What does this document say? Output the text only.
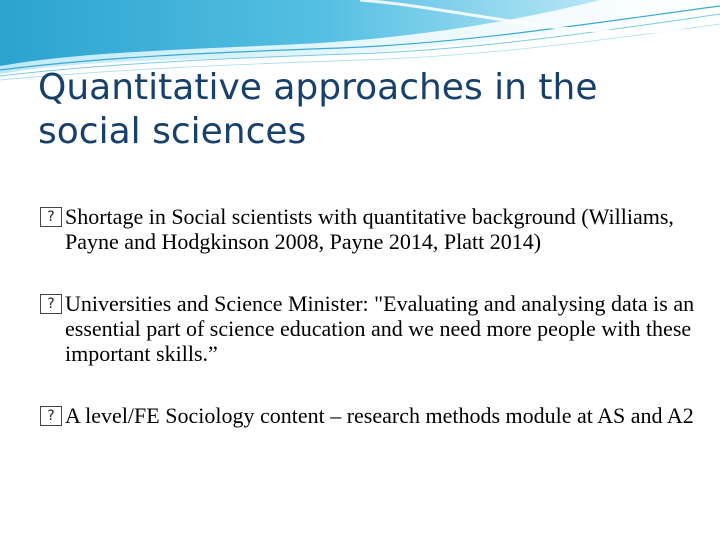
Quantitative approaches in the social sciences
? Shortage in Social scientists with quantitative background (Williams, Payne and Hodgkinson 2008, Payne 2014, Platt 2014)
? Universities and Science Minister: "Evaluating and analysing data is an essential part of science education and we need more people with these important skills.”
? A level/FE Sociology content – research methods module at AS and A2
